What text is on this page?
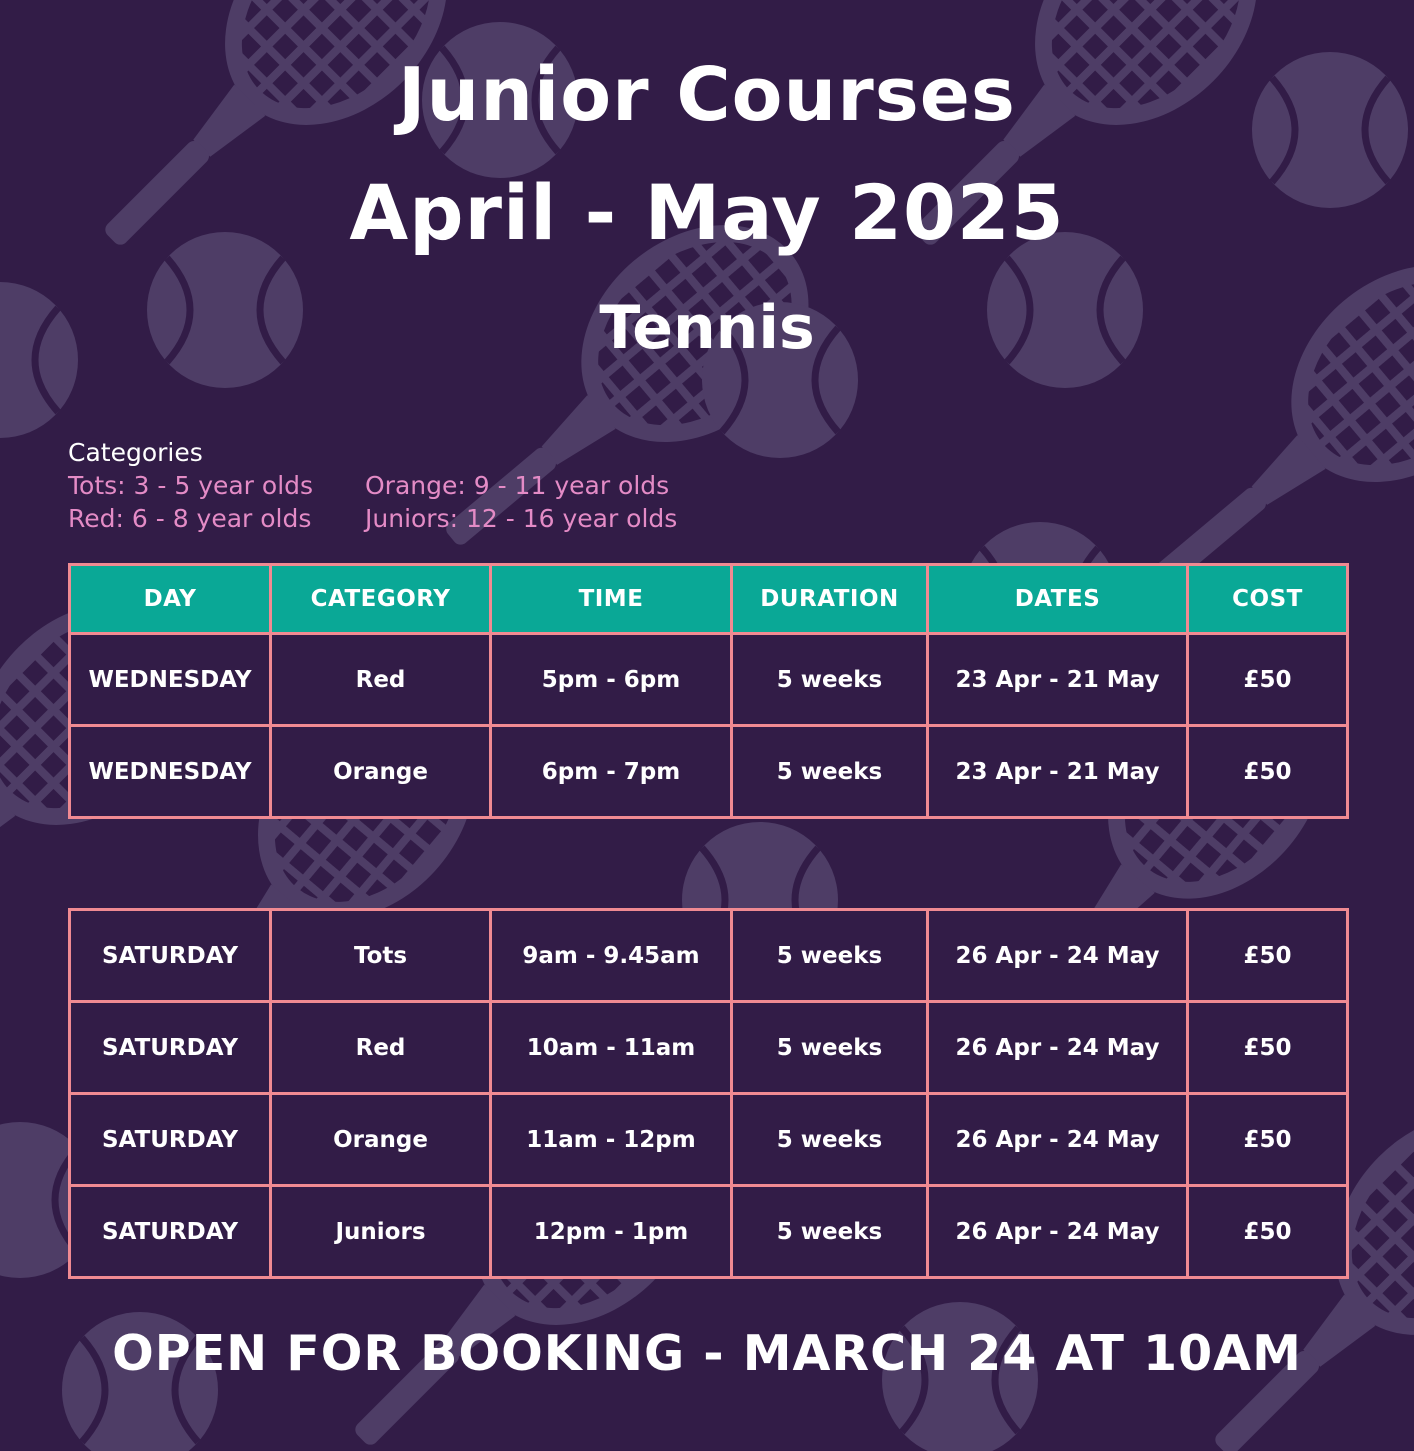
Junior Courses
April - May 2025
Tennis
Categories
Tots: 3 - 5 year olds Orange: 9 - 11 year olds
Red: 6 - 8 year olds Juniors: 12 - 16 year olds
DAY	CATEGORY	TIME	DURATION	DATES	COST
WEDNESDAY	Red	5pm - 6pm	5 weeks	23 Apr - 21 May	£50
WEDNESDAY	Orange	6pm - 7pm	5 weeks	23 Apr - 21 May	£50
SATURDAY	Tots	9am - 9.45am	5 weeks	26 Apr - 24 May	£50
SATURDAY	Red	10am - 11am	5 weeks	26 Apr - 24 May	£50
SATURDAY	Orange	11am - 12pm	5 weeks	26 Apr - 24 May	£50
SATURDAY	Juniors	12pm - 1pm	5 weeks	26 Apr - 24 May	£50

OPEN FOR BOOKING - MARCH 24 AT 10AM
